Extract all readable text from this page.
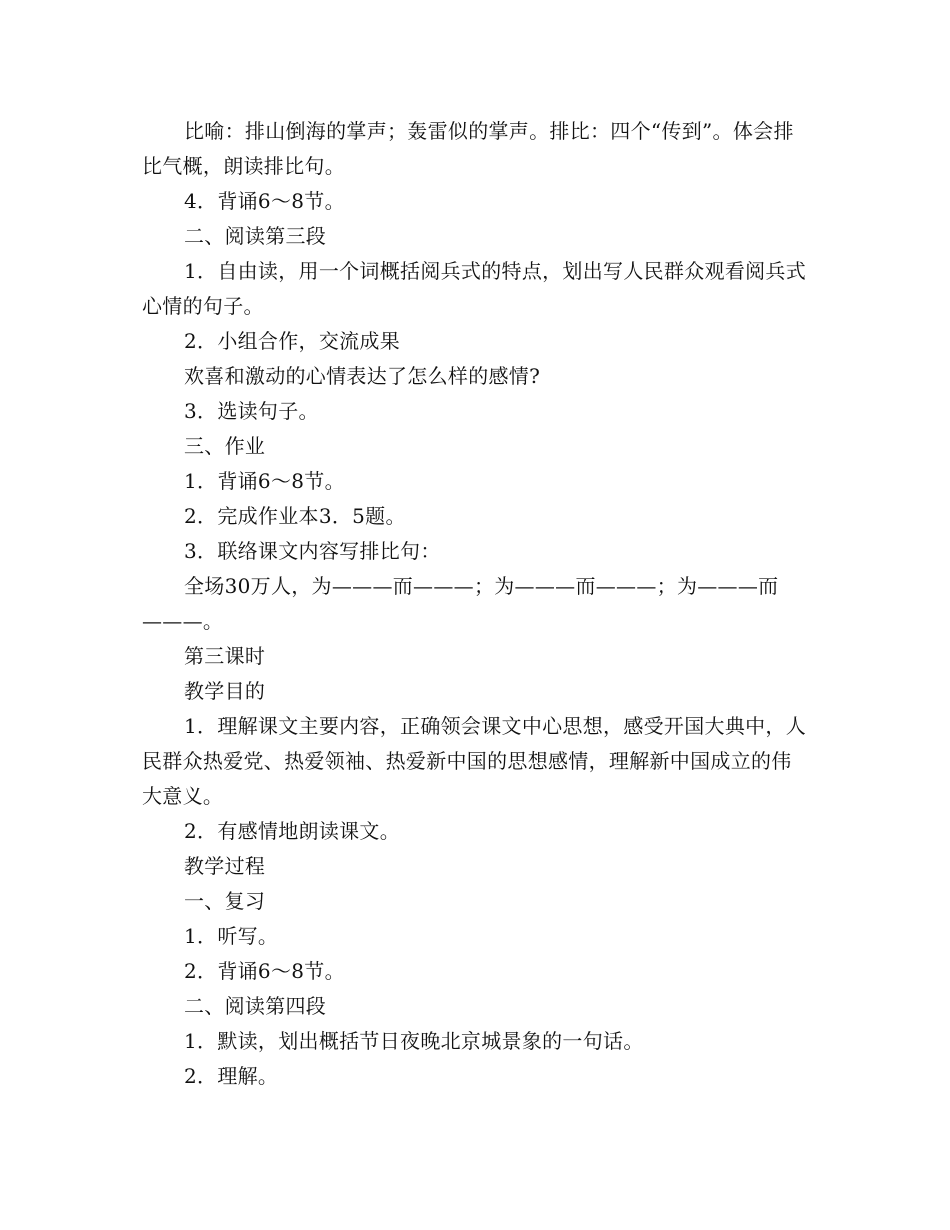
比喻：排山倒海的掌声；轰雷似的掌声。排比：四个“传到”。体会排比气概，朗读排比句。

4．背诵6～8节。

二、阅读第三段

1．自由读，用一个词概括阅兵式的特点，划出写人民群众观看阅兵式心情的句子。

2．小组合作，交流成果

欢喜和激动的心情表达了怎么样的感情?

3．选读句子。

三、作业

1．背诵6～8节。

2．完成作业本3．5题。

3．联络课文内容写排比句：

全场30万人，为———而———；为———而———；为———而———。

第三课时

教学目的

1．理解课文主要内容，正确领会课文中心思想，感受开国大典中，人民群众热爱党、热爱领袖、热爱新中国的思想感情，理解新中国成立的伟大意义。

2．有感情地朗读课文。

教学过程

一、复习

1．听写。

2．背诵6～8节。

二、阅读第四段

1．默读，划出概括节日夜晚北京城景象的一句话。

2．理解。
